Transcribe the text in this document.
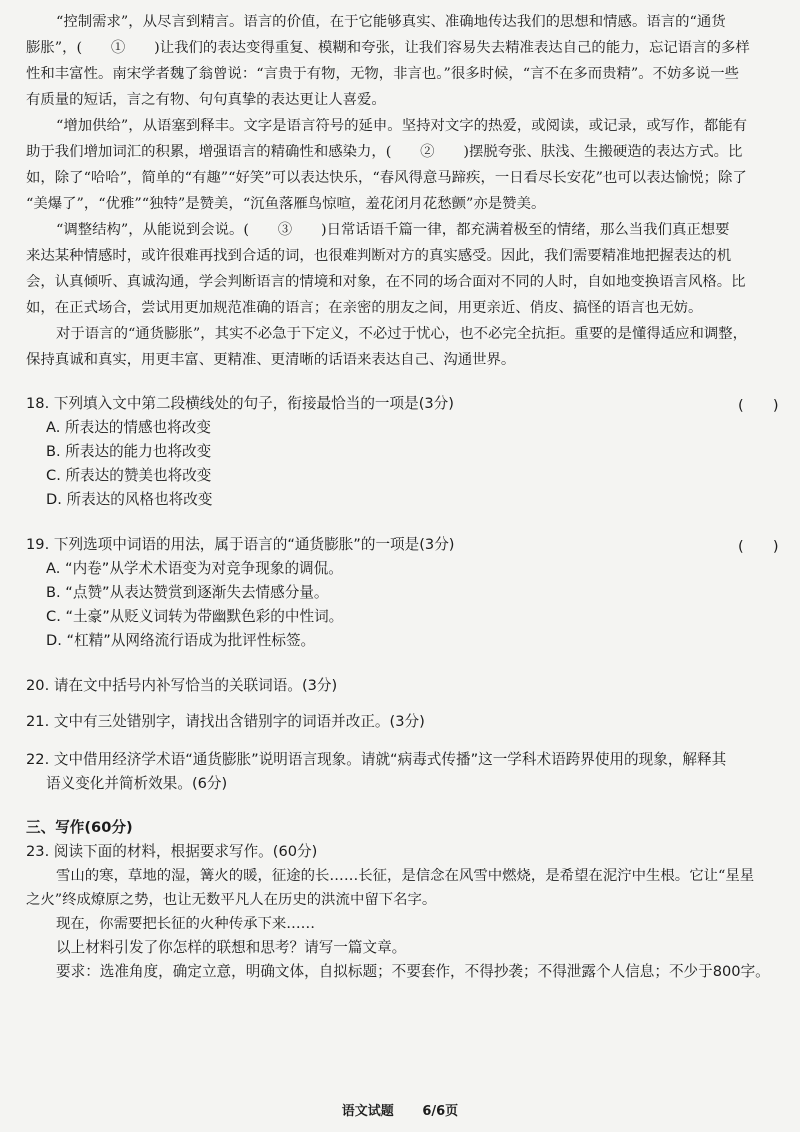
“控制需求”，从尽言到精言。语言的价值，在于它能够真实、准确地传达我们的思想和情感。语言的“通货
膨胀”，(　　①　　)让我们的表达变得重复、模糊和夸张，让我们容易失去精准表达自己的能力，忘记语言的多样
性和丰富性。南宋学者魏了翁曾说：“言贵于有物，无物，非言也。”很多时候，“言不在多而贵精”。不妨多说一些
有质量的短话，言之有物、句句真挚的表达更让人喜爱。
“增加供给”，从语塞到释丰。文字是语言符号的延申。坚持对文字的热爱，或阅读，或记录，或写作，都能有
助于我们增加词汇的积累，增强语言的精确性和感染力，(　　②　　)摆脱夸张、肤浅、生搬硬造的表达方式。比
如，除了“哈哈”，简单的“有趣”“好笑”可以表达快乐，“春风得意马蹄疾，一日看尽长安花”也可以表达愉悦；除了
“美爆了”，“优雅”“独特”是赞美，“沉鱼落雁鸟惊喧，羞花闭月花愁颤”亦是赞美。
“调整结构”，从能说到会说。(　　③　　)日常话语千篇一律，都充满着极至的情绪，那么当我们真正想要
来达某种情感时，或许很难再找到合适的词，也很难判断对方的真实感受。因此，我们需要精准地把握表达的机
会，认真倾听、真诚沟通，学会判断语言的情境和对象，在不同的场合面对不同的人时，自如地变换语言风格。比
如，在正式场合，尝试用更加规范准确的语言；在亲密的朋友之间，用更亲近、俏皮、搞怪的语言也无妨。
对于语言的“通货膨胀”，其实不必急于下定义，不必过于忧心，也不必完全抗拒。重要的是懂得适应和调整，
保持真诚和真实，用更丰富、更精准、更清晰的话语来表达自己、沟通世界。
18. 下列填入文中第二段横线处的句子，衔接最恰当的一项是(3分)	(　　)
A. 所表达的情感也将改变
B. 所表达的能力也将改变
C. 所表达的赞美也将改变
D. 所表达的风格也将改变
19. 下列选项中词语的用法，属于语言的“通货膨胀”的一项是(3分)	(　　)
A. “内卷”从学术术语变为对竞争现象的调侃。
B. “点赞”从表达赞赏到逐渐失去情感分量。
C. “土豪”从贬义词转为带幽默色彩的中性词。
D. “杠精”从网络流行语成为批评性标签。
20. 请在文中括号内补写恰当的关联词语。(3分)
21. 文中有三处错别字，请找出含错别字的词语并改正。(3分)
22. 文中借用经济学术语“通货膨胀”说明语言现象。请就“病毒式传播”这一学科术语跨界使用的现象，解释其
语义变化并简析效果。(6分)
三、写作(60分)
23. 阅读下面的材料，根据要求写作。(60分)
雪山的寒，草地的湿，篝火的暖，征途的长……长征，是信念在风雪中燃烧，是希望在泥泞中生根。它让“星星
之火”终成燎原之势，也让无数平凡人在历史的洪流中留下名字。
现在，你需要把长征的火种传承下来……
以上材料引发了你怎样的联想和思考？请写一篇文章。
要求：选准角度，确定立意，明确文体，自拟标题；不要套作，不得抄袭；不得泄露个人信息；不少于800字。
语文试题 6/6页
